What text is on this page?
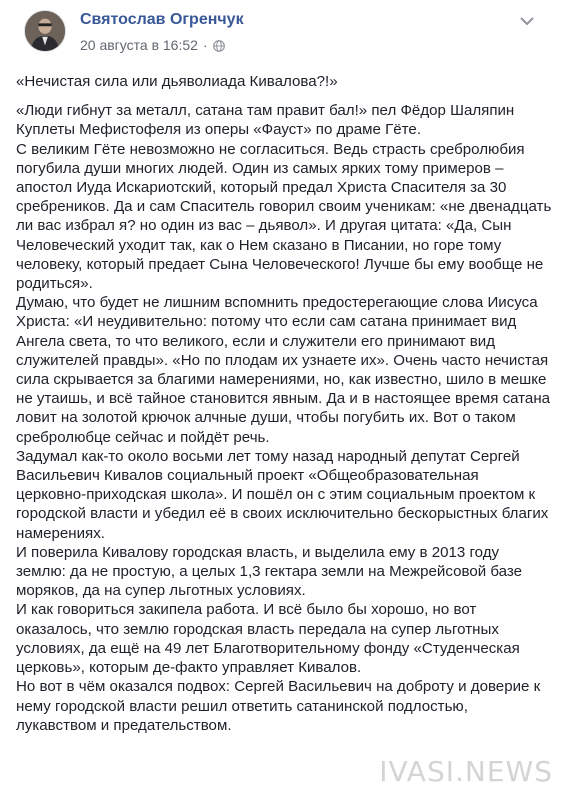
Святослав Огренчук
20 августа в 16:52 ·

«Нечистая сила или дьяволиада Кивалова?!»

«Люди гибнут за металл, сатана там правит бал!» пел Фёдор Шаляпин Куплеты Мефистофеля из оперы «Фауст» по драме Гёте.

С великим Гёте невозможно не согласиться. Ведь страсть сребролюбия погубила души многих людей. Один из самых ярких тому примеров – апостол Иуда Искариотский, который предал Христа Спасителя за 30 сребреников. Да и сам Спаситель говорил своим ученикам: «не двенадцать ли вас избрал я? но один из вас – дьявол». И другая цитата: «Да, Сын Человеческий уходит так, как о Нем сказано в Писании, но горе тому человеку, который предает Сына Человеческого! Лучше бы ему вообще не родиться».

Думаю, что будет не лишним вспомнить предостерегающие слова Иисуса Христа: «И неудивительно: потому что если сам сатана принимает вид Ангела света, то что великого, если и служители его принимают вид служителей правды». «Но по плодам их узнаете их». Очень часто нечистая сила скрывается за благими намерениями, но, как известно, шило в мешке не утаишь, и всё тайное становится явным. Да и в настоящее время сатана ловит на золотой крючок алчные души, чтобы погубить их. Вот о таком сребролюбце сейчас и пойдёт речь.

Задумал как-то около восьми лет тому назад народный депутат Сергей Васильевич Кивалов социальный проект «Общеобразовательная церковно-приходская школа». И пошёл он с этим социальным проектом к городской власти и убедил её в своих исключительно бескорыстных благих намерениях.

И поверила Кивалову городская власть, и выделила ему в 2013 году землю: да не простую, а целых 1,3 гектара земли на Межрейсовой базе моряков, да на супер льготных условиях.

И как говориться закипела работа. И всё было бы хорошо, но вот оказалось, что землю городская власть передала на супер льготных условиях, да ещё на 49 лет Благотворительному фонду «Студенческая церковь», которым де-факто управляет Кивалов.

Но вот в чём оказался подвох: Сергей Васильевич на доброту и доверие к нему городской власти решил ответить сатанинской подлостью, лукавством и предательством.

IVASI.NEWS
